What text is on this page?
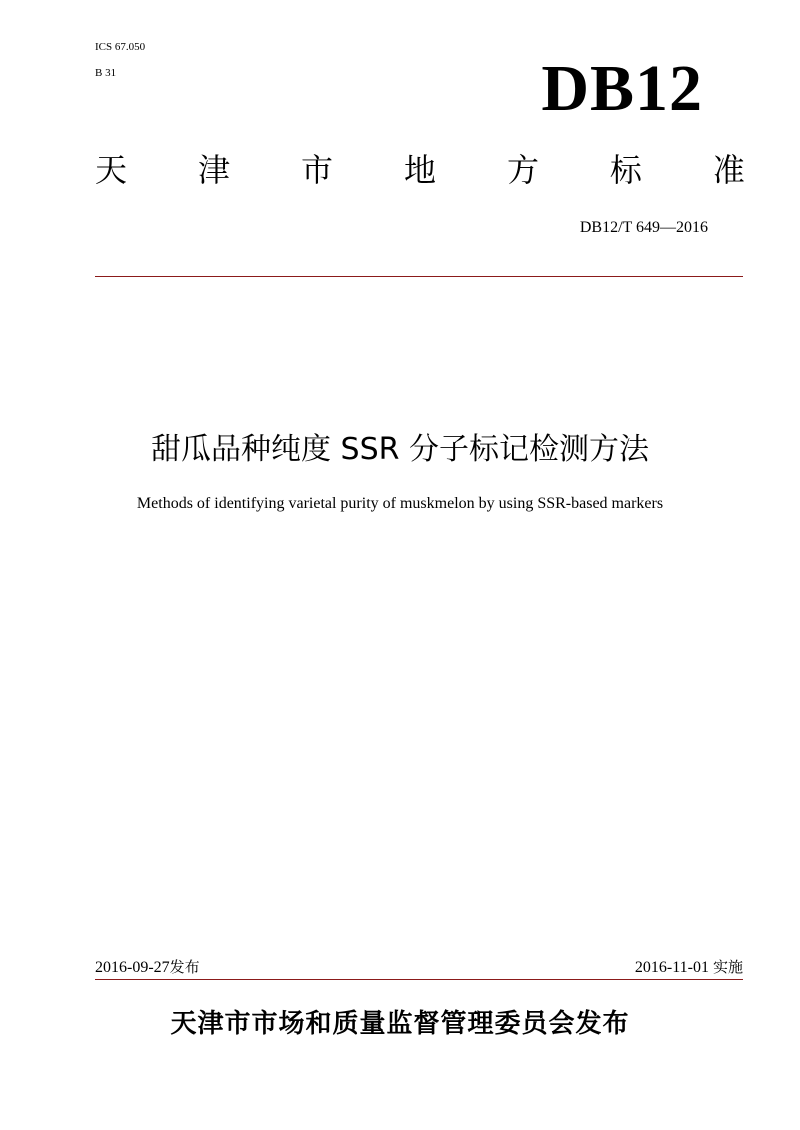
ICS 67.050
B 31	DB12
天 津 市 地 方 标 准
DB12/T 649—2016
甜瓜品种纯度 SSR 分子标记检测方法
Methods of identifying varietal purity of muskmelon by using SSR-based markers
2016-09-27发布	2016-11-01 实施
天津市市场和质量监督管理委员会发布
